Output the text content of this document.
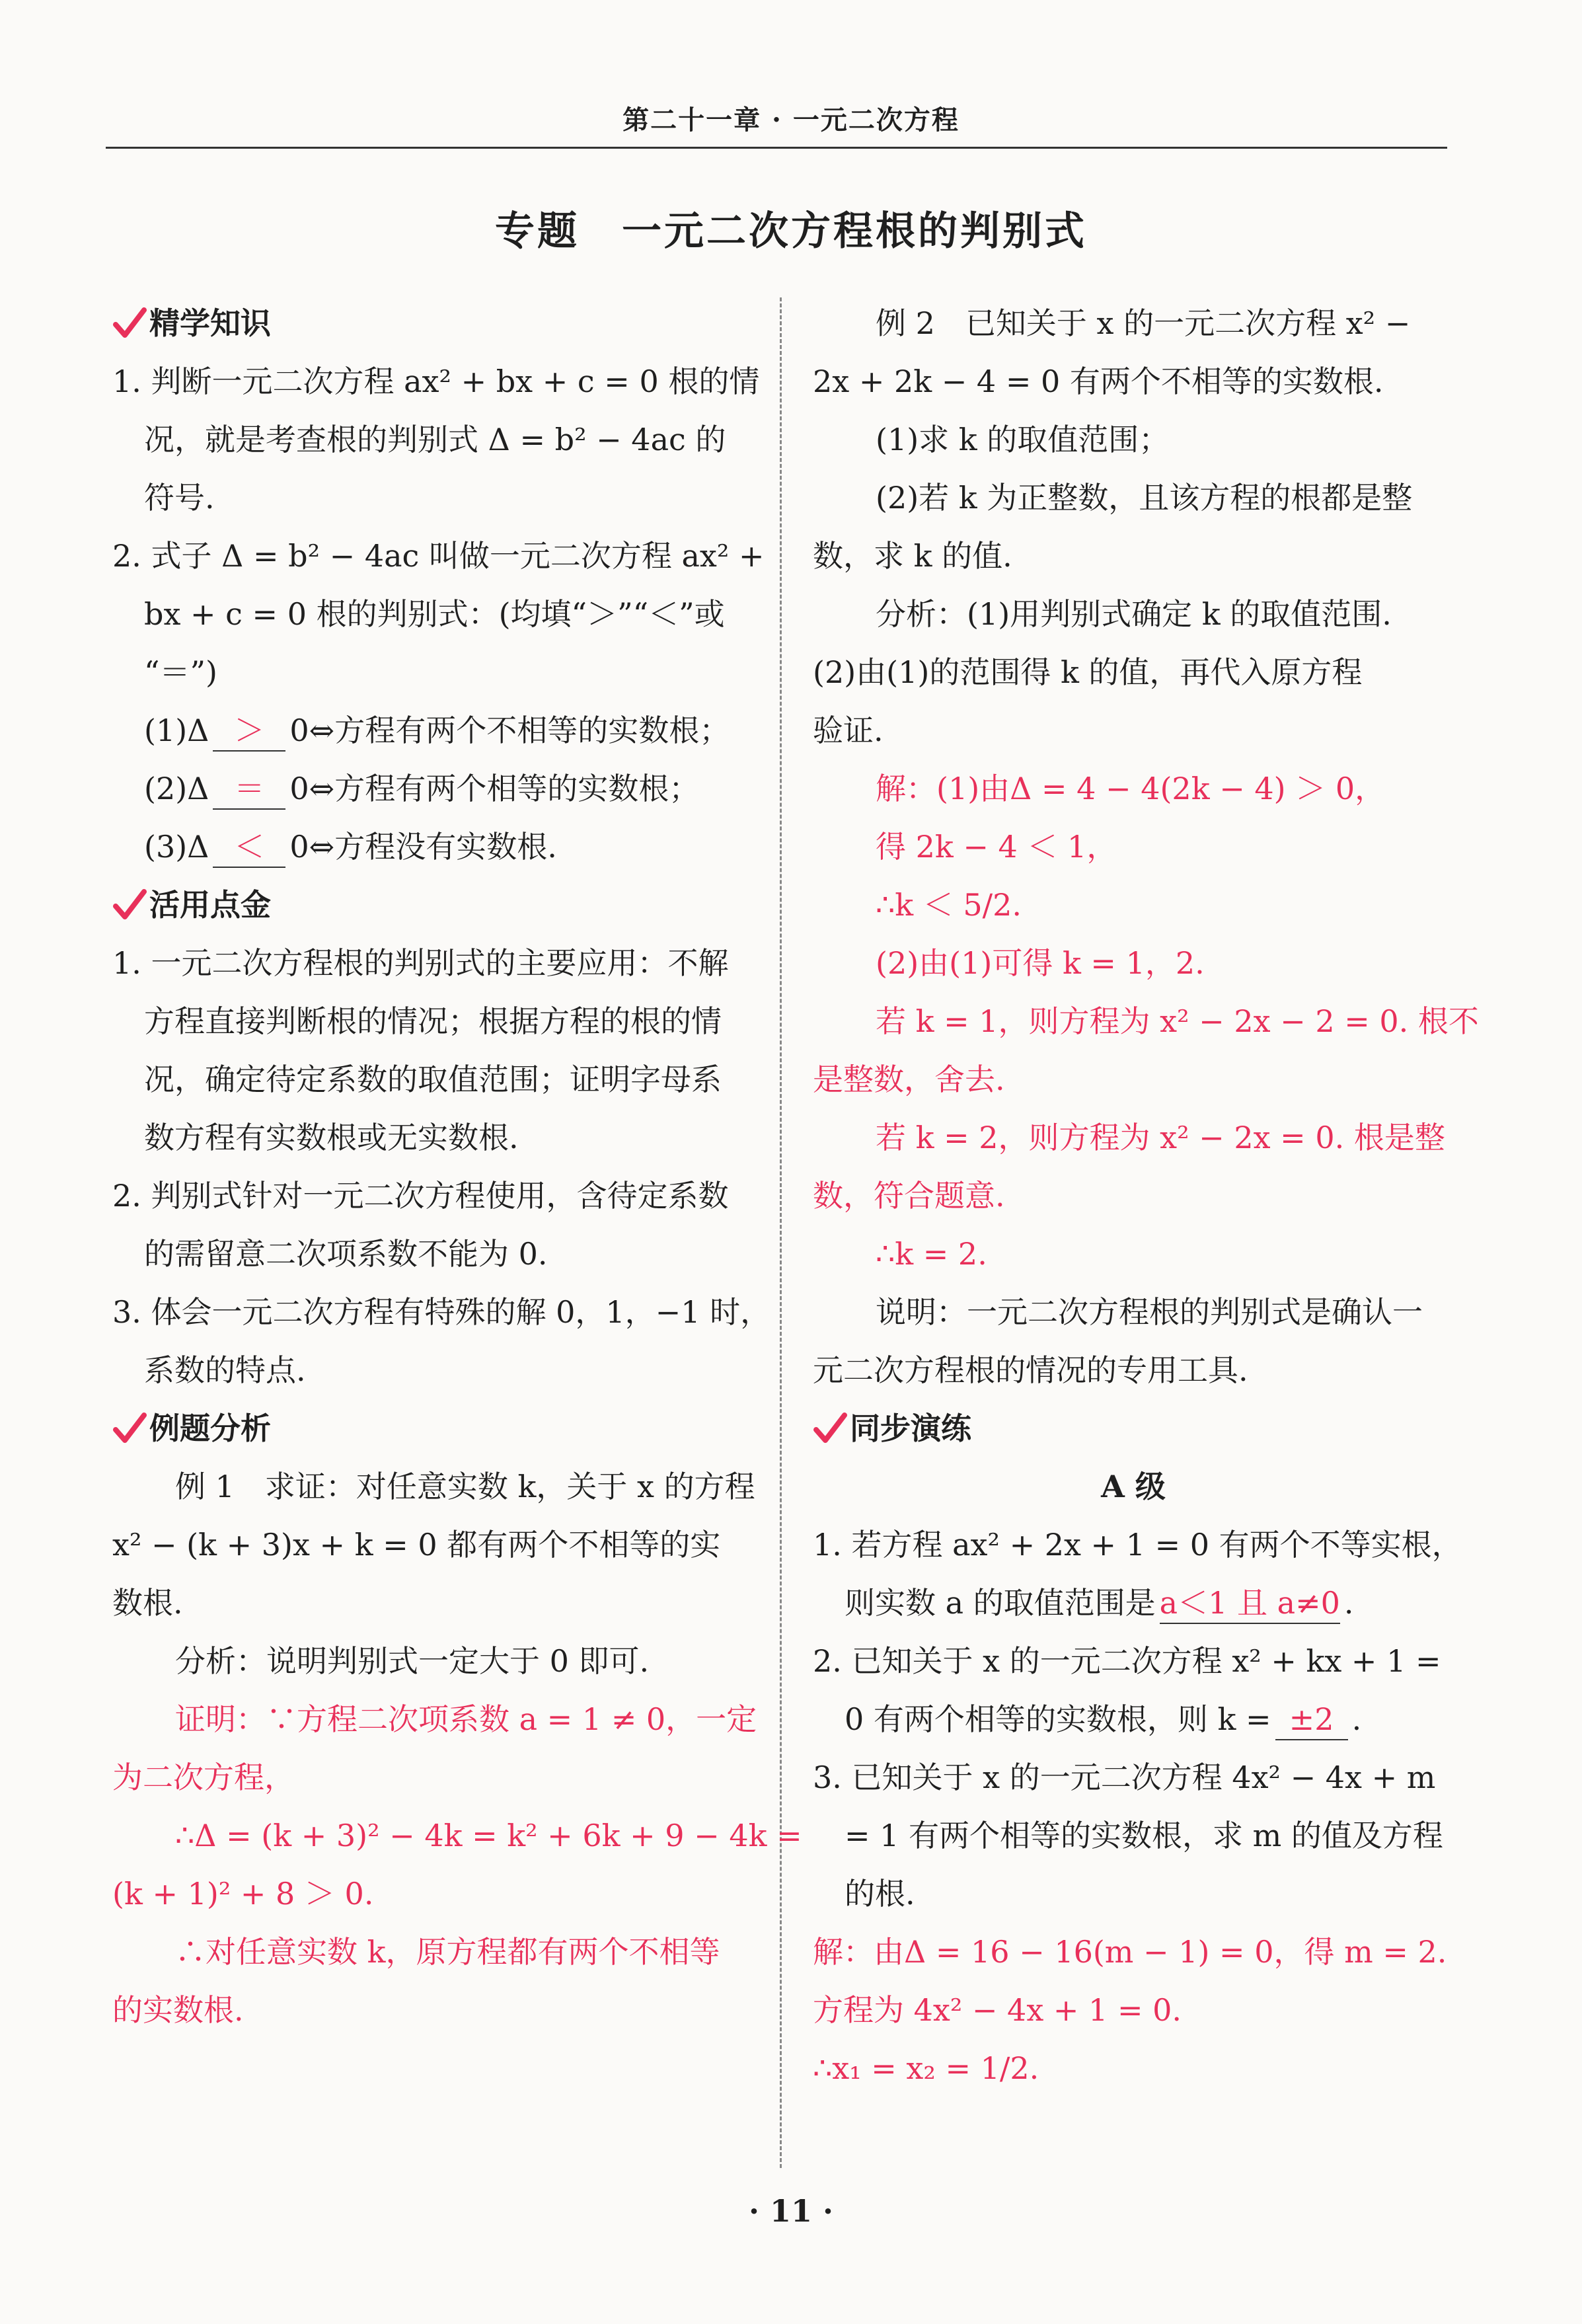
第二十一章 · 一元二次方程
专题　一元二次方程根的判别式
精学知识
1. 判断一元二次方程 ax² + bx + c = 0 根的情
况，就是考查根的判别式 Δ = b² − 4ac 的
符号.
2. 式子 Δ = b² − 4ac 叫做一元二次方程 ax² +
bx + c = 0 根的判别式：(均填“＞”“＜”或
“＝”)
(1)Δ ＞ 0⇔方程有两个不相等的实数根；
(2)Δ ＝ 0⇔方程有两个相等的实数根；
(3)Δ ＜ 0⇔方程没有实数根.
活用点金
1. 一元二次方程根的判别式的主要应用：不解
方程直接判断根的情况；根据方程的根的情
况，确定待定系数的取值范围；证明字母系
数方程有实数根或无实数根.
2. 判别式针对一元二次方程使用，含待定系数
的需留意二次项系数不能为 0.
3. 体会一元二次方程有特殊的解 0，1，−1 时，
系数的特点.
例题分析
例 1　求证：对任意实数 k，关于 x 的方程
x² − (k + 3)x + k = 0 都有两个不相等的实
数根.
分析：说明判别式一定大于 0 即可.
证明：∵方程二次项系数 a = 1 ≠ 0，一定
为二次方程，
∴Δ = (k + 3)² − 4k = k² + 6k + 9 − 4k =
(k + 1)² + 8 ＞ 0.
∴对任意实数 k，原方程都有两个不相等
的实数根.
例 2　已知关于 x 的一元二次方程 x² −
2x + 2k − 4 = 0 有两个不相等的实数根.
(1)求 k 的取值范围；
(2)若 k 为正整数，且该方程的根都是整
数，求 k 的值.
分析：(1)用判别式确定 k 的取值范围.
(2)由(1)的范围得 k 的值，再代入原方程
验证.
解：(1)由Δ = 4 − 4(2k − 4) ＞ 0，
得 2k − 4 ＜ 1，
∴k ＜ 5/2.
(2)由(1)可得 k = 1，2.
若 k = 1，则方程为 x² − 2x − 2 = 0. 根不
是整数，舍去.
若 k = 2，则方程为 x² − 2x = 0. 根是整
数，符合题意.
∴k = 2.
说明：一元二次方程根的判别式是确认一
元二次方程根的情况的专用工具.
同步演练
A 级
1. 若方程 ax² + 2x + 1 = 0 有两个不等实根，
则实数 a 的取值范围是 a＜1 且 a≠0 .
2. 已知关于 x 的一元二次方程 x² + kx + 1 =
0 有两个相等的实数根，则 k = ±2 .
3. 已知关于 x 的一元二次方程 4x² − 4x + m
= 1 有两个相等的实数根，求 m 的值及方程
的根.
解：由Δ = 16 − 16(m − 1) = 0，得 m = 2.
方程为 4x² − 4x + 1 = 0.
∴x₁ = x₂ = 1/2.
· 11 ·
